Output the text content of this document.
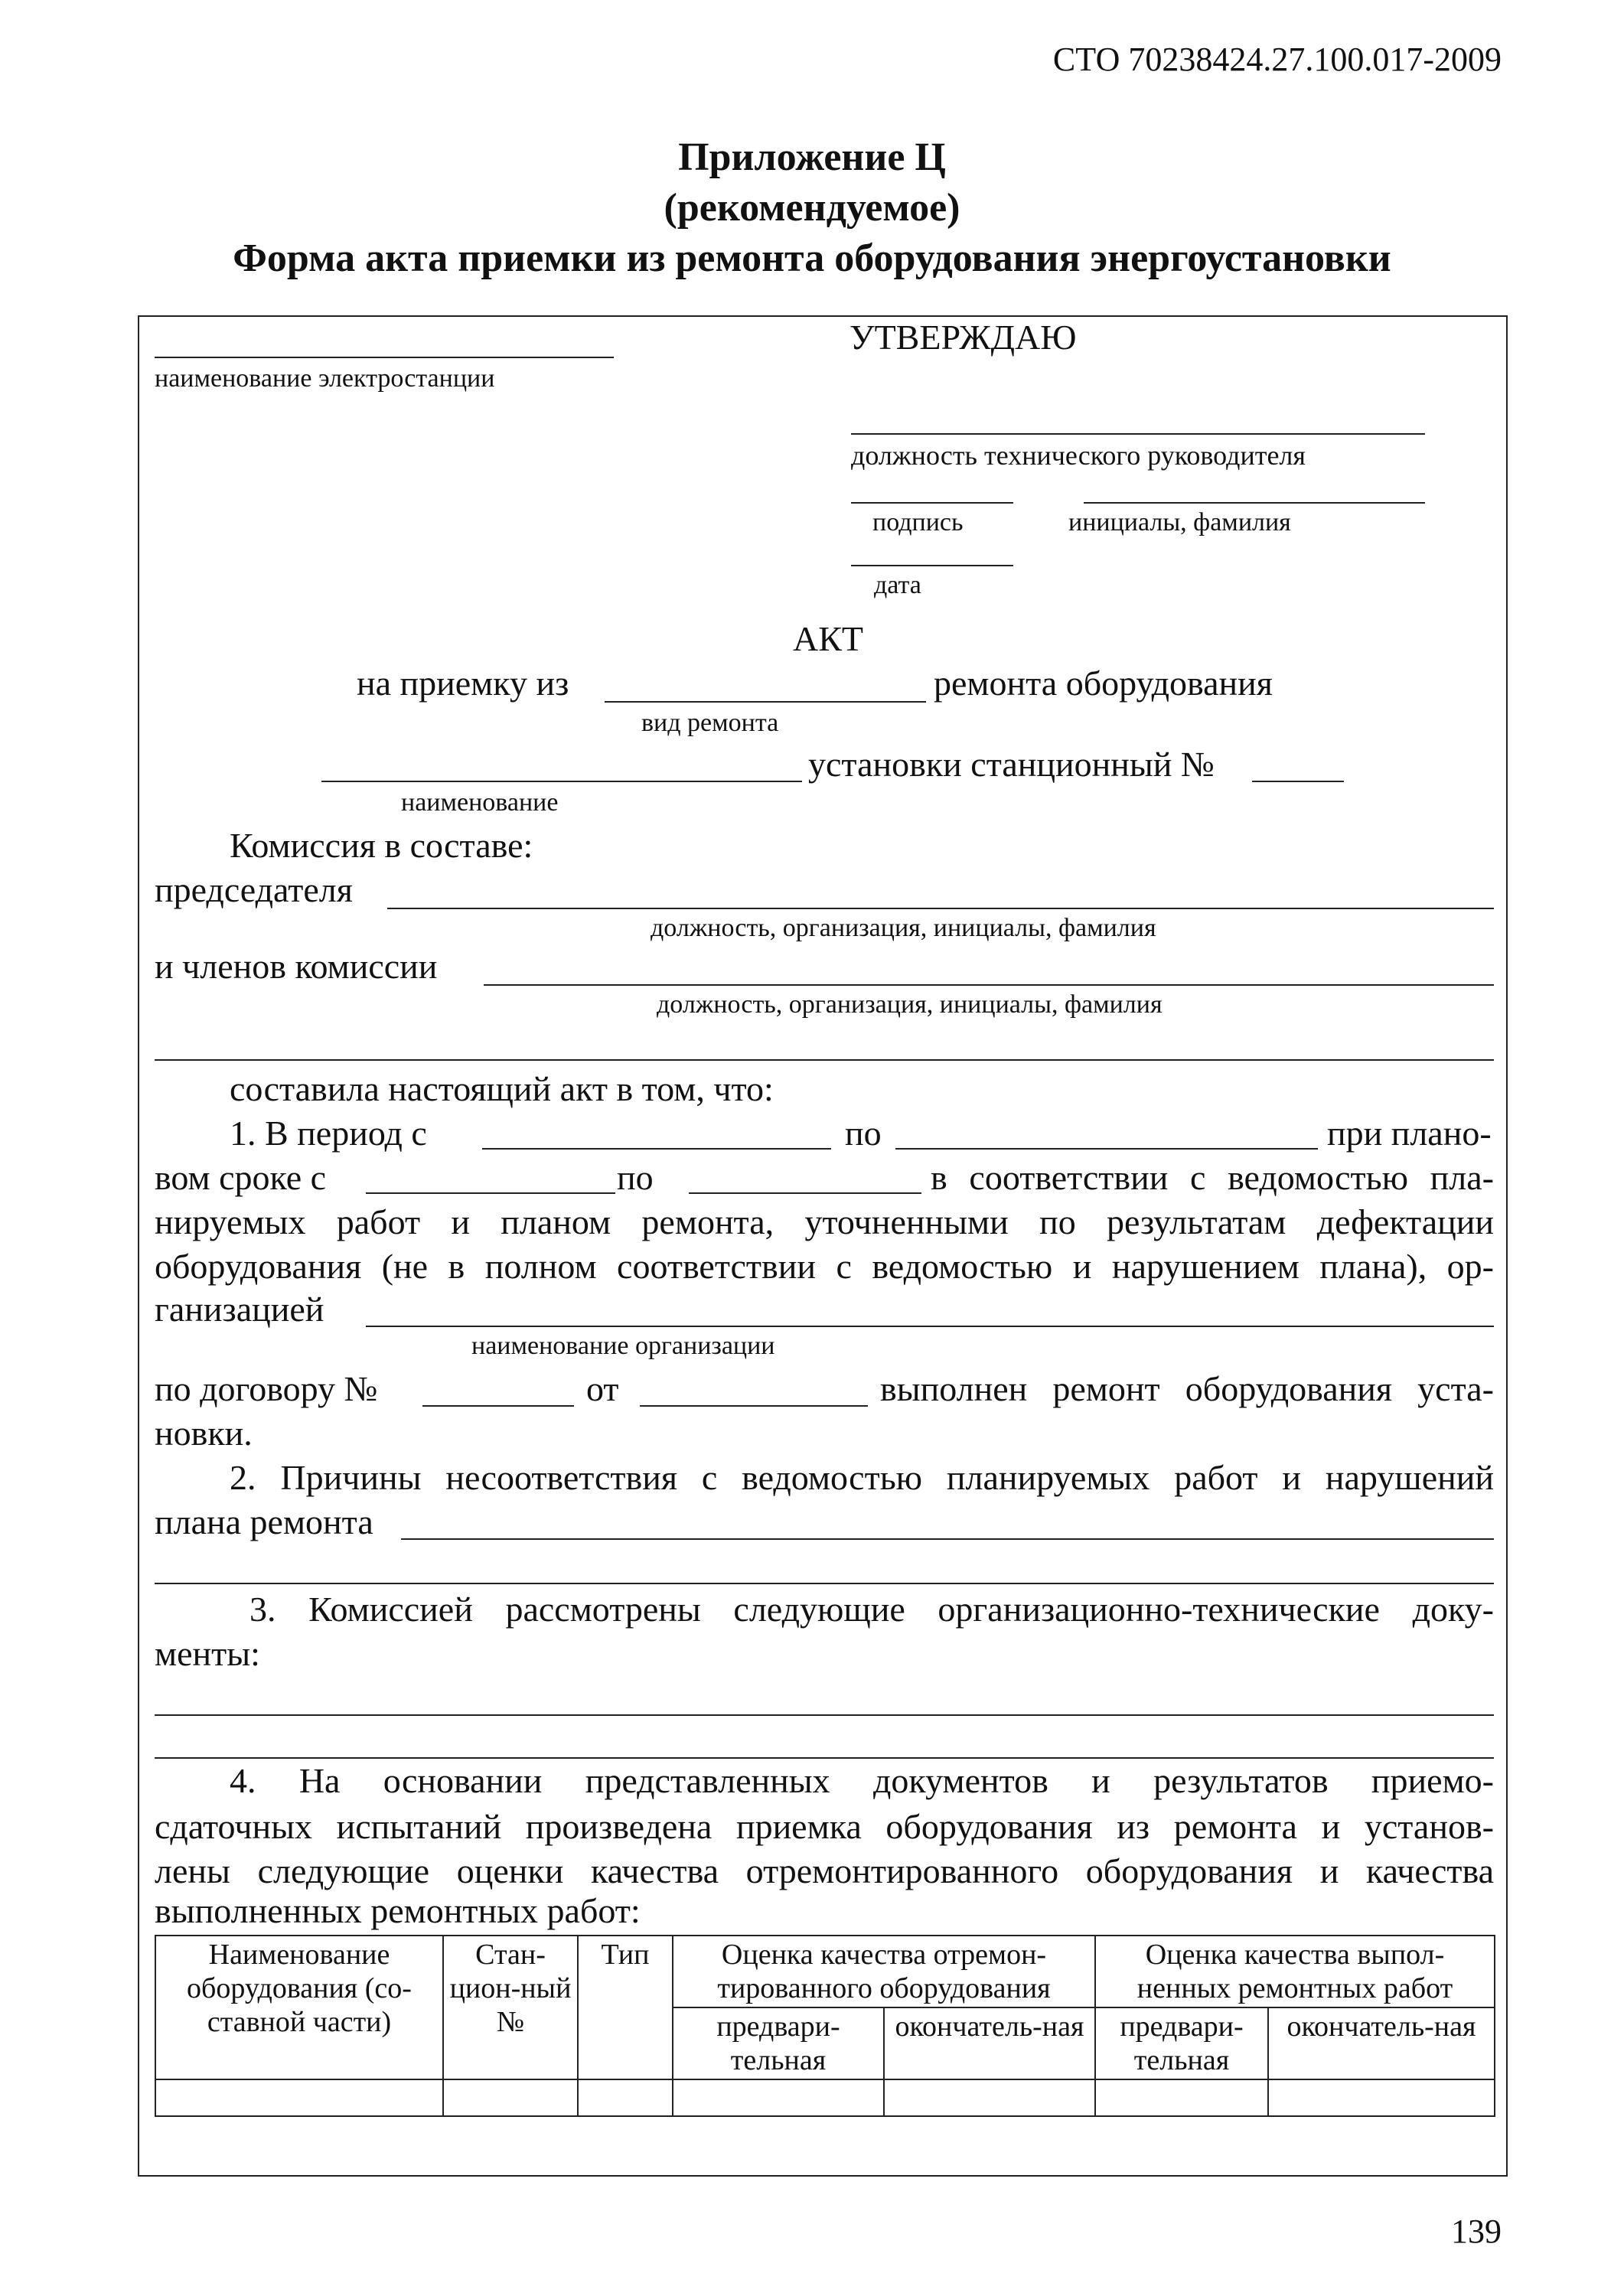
СТО 70238424.27.100.017-2009
Приложение Ц
(рекомендуемое)
Форма акта приемки из ремонта оборудования энергоустановки
наименование электростанции
УТВЕРЖДАЮ
должность технического руководителя
подпись	инициалы, фамилия
дата
АКТ
на приемку из	ремонта оборудования
вид ремонта
установки станционный №
наименование
Комиссия в составе:
председателя
должность, организация, инициалы, фамилия
и членов комиссии
должность, организация, инициалы, фамилия
составила настоящий акт в том, что:
1. В период с	по	при плано-
вом сроке с	по	в соответствии с ведомостью пла-
нируемых работ и планом ремонта, уточненными по результатам дефектации
оборудования (не в полном соответствии с ведомостью и нарушением плана), ор-
ганизацией
наименование организации
по договору №	от	выполнен ремонт оборудования уста-
новки.
2. Причины несоответствия с ведомостью планируемых работ и нарушений
плана ремонта
3. Комиссией рассмотрены следующие организационно-технические доку-
менты:
4. На основании представленных документов и результатов приемо-
сдаточных испытаний произведена приемка оборудования из ремонта и установ-
лены следующие оценки качества отремонтированного оборудования и качества
выполненных ремонтных работ:
Наименование оборудования (со-ставной части)	Стан-цион-ный №	Тип	Оценка качества отремон-тированного оборудования		Оценка качества выпол-ненных ремонтных работ	
			предвари-тельная	окончатель-ная	предвари-тельная	окончатель-ная

139
